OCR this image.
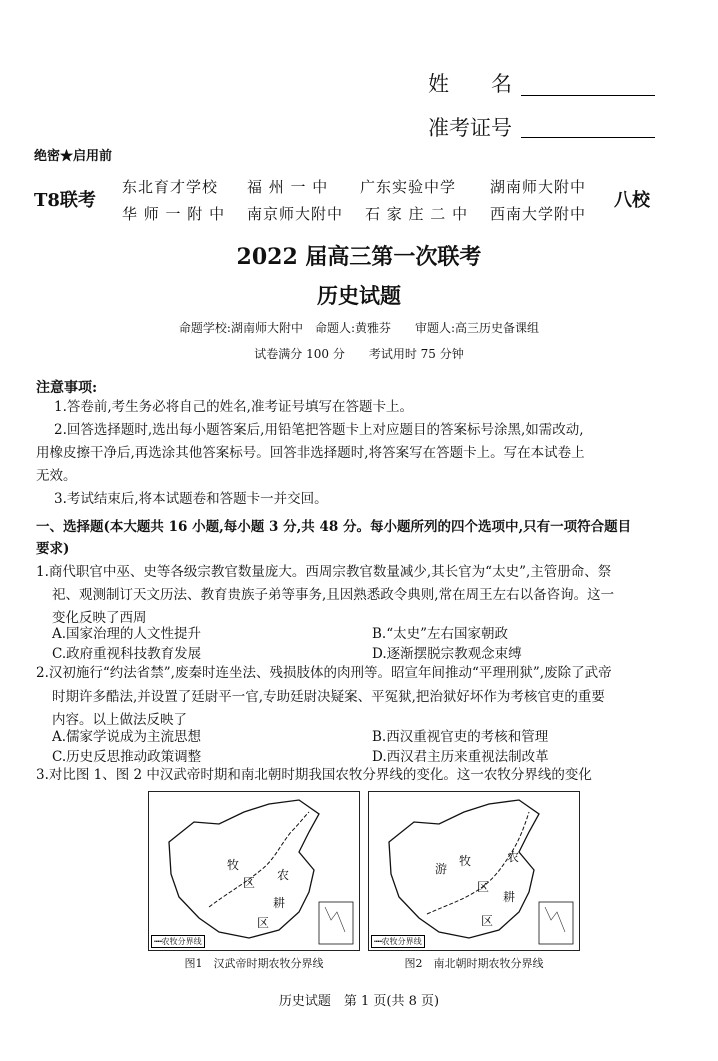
姓　　名
准考证号
绝密★启用前
T8联考
东北育才学校 福 州 一 中 广东实验中学 湖南师大附中
华 师 一 附 中 南京师大附中 石 家 庄 二 中 西南大学附中
八校
2022 届高三第一次联考
历史试题
命题学校:湖南师大附中　命题人:黄雅芬　　审题人:高三历史备课组
试卷满分 100 分　　考试用时 75 分钟
注意事项:
1.答卷前,考生务必将自己的姓名,准考证号填写在答题卡上。
2.回答选择题时,选出每小题答案后,用铅笔把答题卡上对应题目的答案标号涂黑,如需改动,
用橡皮擦干净后,再选涂其他答案标号。回答非选择题时,将答案写在答题卡上。写在本试卷上
无效。
3.考试结束后,将本试题卷和答题卡一并交回。
一、选择题(本大题共 16 小题,每小题 3 分,共 48 分。每小题所列的四个选项中,只有一项符合题目
要求)
1.商代职官中巫、史等各级宗教官数量庞大。西周宗教官数量减少,其长官为“太史”,主管册命、祭
祀、观测制订天文历法、教育贵族子弟等事务,且因熟悉政令典则,常在周王左右以备咨询。这一
变化反映了西周
A.国家治理的人文性提升	B.“太史”左右国家朝政
C.政府重视科技教育发展	D.逐渐摆脱宗教观念束缚
2.汉初施行“约法省禁”,废秦时连坐法、残损肢体的肉刑等。昭宣年间推动“平理刑狱”,废除了武帝
时期许多酷法,并设置了廷尉平一官,专助廷尉决疑案、平冤狱,把治狱好坏作为考核官吏的重要
内容。以上做法反映了
A.儒家学说成为主流思想	B.西汉重视官吏的考核和管理
C.历史反思推动政策调整	D.西汉君主历来重视法制改革
3.对比图 1、图 2 中汉武帝时期和南北朝时期我国农牧分界线的变化。这一农牧分界线的变化
牧
区
农
耕
区
┅┅农牧分界线
图1　汉武帝时期农牧分界线
游
牧
区
农
耕
区
┅┅农牧分界线
图2　南北朝时期农牧分界线
历史试题　第 1 页(共 8 页)
